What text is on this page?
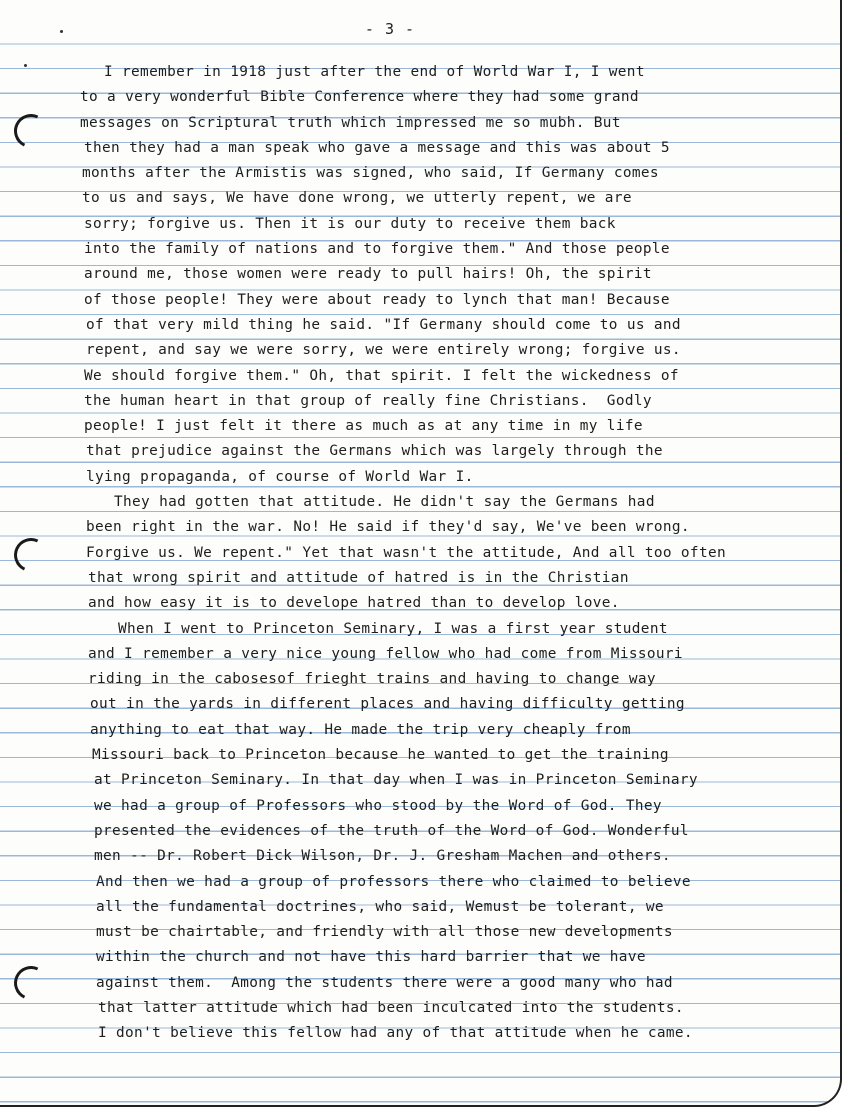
- 3 -
I remember in 1918 just after the end of World War I, I went
to a very wonderful Bible Conference where they had some grand
messages on Scriptural truth which impressed me so mubh. But
then they had a man speak who gave a message and this was about 5
months after the Armistis was signed, who said, If Germany comes
to us and says, We have done wrong, we utterly repent, we are
sorry; forgive us. Then it is our duty to receive them back
into the family of nations and to forgive them." And those people
around me, those women were ready to pull hairs! Oh, the spirit
of those people! They were about ready to lynch that man! Because
of that very mild thing he said. "If Germany should come to us and
repent, and say we were sorry, we were entirely wrong; forgive us.
We should forgive them." Oh, that spirit. I felt the wickedness of
the human heart in that group of really fine Christians.  Godly
people! I just felt it there as much as at any time in my life
that prejudice against the Germans which was largely through the
lying propaganda, of course of World War I.
They had gotten that attitude. He didn't say the Germans had
been right in the war. No! He said if they'd say, We've been wrong.
Forgive us. We repent." Yet that wasn't the attitude, And all too often
that wrong spirit and attitude of hatred is in the Christian
and how easy it is to develope hatred than to develop love.
When I went to Princeton Seminary, I was a first year student
and I remember a very nice young fellow who had come from Missouri
riding in the cabosesof frieght trains and having to change way
out in the yards in different places and having difficulty getting
anything to eat that way. He made the trip very cheaply from
Missouri back to Princeton because he wanted to get the training
at Princeton Seminary. In that day when I was in Princeton Seminary
we had a group of Professors who stood by the Word of God. They
presented the evidences of the truth of the Word of God. Wonderful
men -- Dr. Robert Dick Wilson, Dr. J. Gresham Machen and others.
And then we had a group of professors there who claimed to believe
all the fundamental doctrines, who said, Wemust be tolerant, we
must be chairtable, and friendly with all those new developments
within the church and not have this hard barrier that we have
against them.  Among the students there were a good many who had
that latter attitude which had been inculcated into the students.
I don't believe this fellow had any of that attitude when he came.
